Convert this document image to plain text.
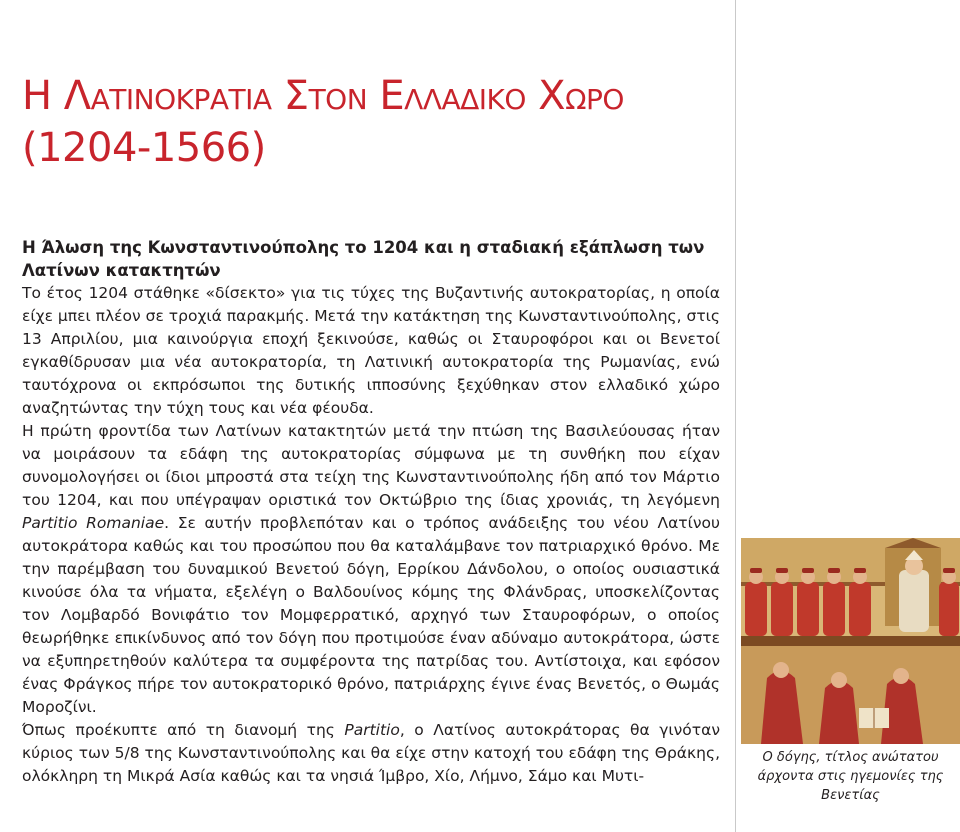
Η Λατινοκρατια Στον Ελλαδικο Χωρο
(1204-1566)
Η Άλωση της Κωνσταντινούπολης το 1204 και η σταδιακή εξάπλωση των Λατίνων κατακτητών

Το έτος 1204 στάθηκε «δίσεκτο» για τις τύχες της Βυζαντινής αυτοκρατορίας, η οποία είχε μπει πλέον σε τροχιά παρακμής. Μετά την κατάκτηση της Κωνσταντινούπολης, στις 13 Απριλίου, μια καινούργια εποχή ξεκινούσε, καθώς οι Σταυροφόροι και οι Βενετοί εγκαθίδρυσαν μια νέα αυτοκρατορία, τη Λατινική αυτοκρατορία της Ρωμανίας, ενώ ταυτόχρονα οι εκπρόσωποι της δυτικής ιπποσύνης ξεχύθηκαν στον ελλαδικό χώρο αναζητώντας την τύχη τους και νέα φέουδα.

Η πρώτη φροντίδα των Λατίνων κατακτητών μετά την πτώση της Βασιλεύουσας ήταν να μοιράσουν τα εδάφη της αυτοκρατορίας σύμφωνα με τη συνθήκη που είχαν συνομολογήσει οι ίδιοι μπροστά στα τείχη της Κωνσταντινούπολης ήδη από τον Μάρτιο του 1204, και που υπέγραψαν οριστικά τον Οκτώβριο της ίδιας χρονιάς, τη λεγόμενη Partitio Romaniae. Σε αυτήν προβλεπόταν και ο τρόπος ανάδειξης του νέου Λατίνου αυτοκράτορα καθώς και του προσώπου που θα καταλάμβανε τον πατριαρχικό θρόνο. Με την παρέμβαση του δυναμικού Βενετού δόγη, Ερρίκου Δάνδολου, ο οποίος ουσιαστικά κινούσε όλα τα νήματα, εξελέγη ο Βαλδουίνος κόμης της Φλάνδρας, υποσκελίζοντας τον Λομβαρδό Βονιφάτιο τον Μομφερρατικό, αρχηγό των Σταυροφόρων, ο οποίος θεωρήθηκε επικίνδυνος από τον δόγη που προτιμούσε έναν αδύναμο αυτοκράτορα, ώστε να εξυπηρετηθούν καλύτερα τα συμφέροντα της πατρίδας του. Αντίστοιχα, και εφόσον ένας Φράγκος πήρε τον αυτοκρατορικό θρόνο, πατριάρχης έγινε ένας Βενετός, ο Θωμάς Μοροζίνι.

Όπως προέκυπτε από τη διανομή της Partitio, ο Λατίνος αυτοκράτορας θα γινόταν κύριος των 5/8 της Κωνσταντινούπολης και θα είχε στην κατοχή του εδάφη της Θράκης, ολόκληρη τη Μικρά Ασία καθώς και τα νησιά Ίμβρο, Χίο, Λήμνο, Σάμο και Μυτι-

Ο δόγης, τίτλος ανώτατου άρχοντα στις ηγεμονίες της Βενετίας
